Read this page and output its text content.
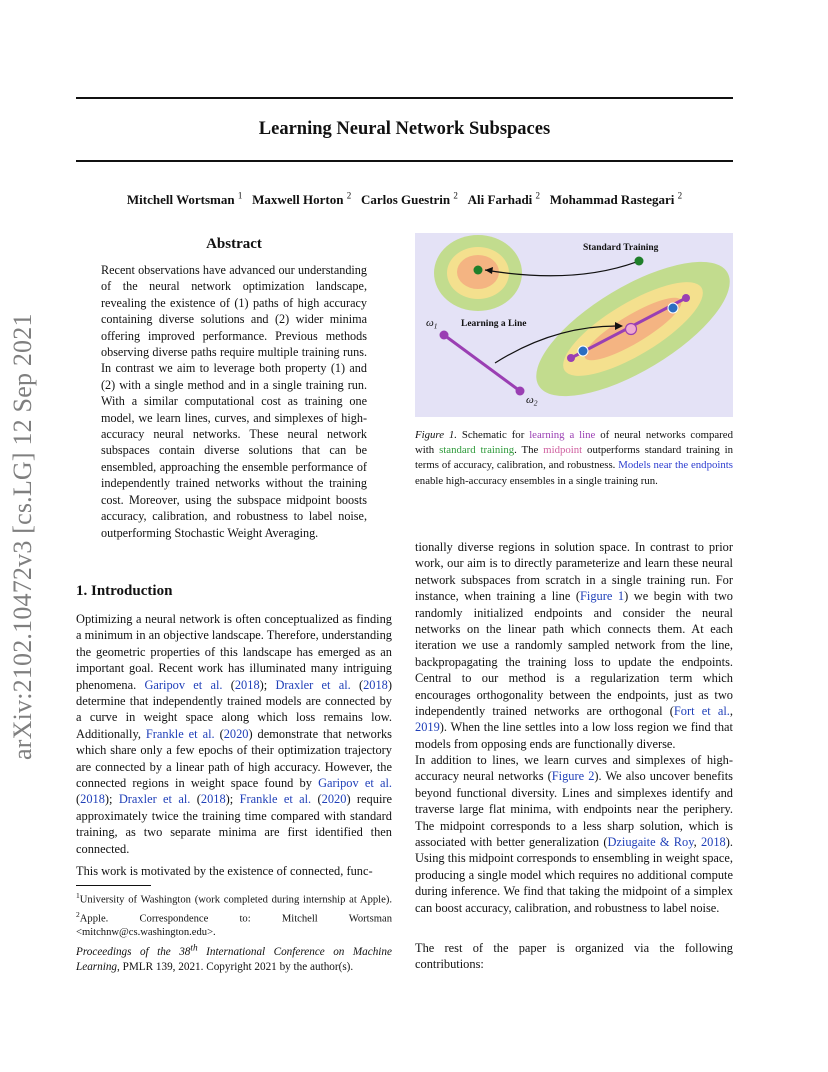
Learning Neural Network Subspaces
Mitchell Wortsman $^1$ Maxwell Horton $^2$ Carlos Guestrin $^2$ Ali Farhadi $^2$ Mohammad Rastegari $^2$
arXiv:2102.10472v3 [cs.LG] 12 Sep 2021
Abstract
Recent observations have advanced our understanding of the neural network optimization landscape, revealing the existence of (1) paths of high accuracy containing diverse solutions and (2) wider minima offering improved performance. Previous methods observing diverse paths require multiple training runs. In contrast we aim to leverage both property (1) and (2) with a single method and in a single training run. With a similar computational cost as training one model, we learn lines, curves, and simplexes of high-accuracy neural networks. These neural network subspaces contain diverse solutions that can be ensembled, approaching the ensemble performance of independently trained networks without the training cost. Moreover, using the subspace midpoint boosts accuracy, calibration, and robustness to label noise, outperforming Stochastic Weight Averaging.
1. Introduction
Optimizing a neural network is often conceptualized as finding a minimum in an objective landscape. Therefore, understanding the geometric properties of this landscape has emerged as an important goal. Recent work has illuminated many intriguing phenomena. Garipov et al. (2018); Draxler et al. (2018) determine that independently trained models are connected by a curve in weight space along which loss remains low. Additionally, Frankle et al. (2020) demonstrate that networks which share only a few epochs of their optimization trajectory are connected by a linear path of high accuracy. However, the connected regions in weight space found by Garipov et al. (2018); Draxler et al. (2018); Frankle et al. (2020) require approximately twice the training time compared with standard training, as two separate minima are first identified then connected.
This work is motivated by the existence of connected, func-
$^1$University of Washington (work completed during internship at Apple). $^2$Apple. Correspondence to: Mitchell Wortsman <mitchnw@cs.washington.edu>.
Proceedings of the 38th International Conference on Machine Learning, PMLR 139, 2021. Copyright 2021 by the author(s).
Standard Training
Learning a Line
$\omega_1$
$\omega_2$
Figure 1. Schematic for learning a line of neural networks compared with standard training. The midpoint outperforms standard training in terms of accuracy, calibration, and robustness. Models near the endpoints enable high-accuracy ensembles in a single training run.
tionally diverse regions in solution space. In contrast to prior work, our aim is to directly parameterize and learn these neural network subspaces from scratch in a single training run. For instance, when training a line (Figure 1) we begin with two randomly initialized endpoints and consider the neural networks on the linear path which connects them. At each iteration we use a randomly sampled network from the line, backpropagating the training loss to update the endpoints. Central to our method is a regularization term which encourages orthogonality between the endpoints, just as two independently trained networks are orthogonal (Fort et al., 2019). When the line settles into a low loss region we find that models from opposing ends are functionally diverse.
In addition to lines, we learn curves and simplexes of high-accuracy neural networks (Figure 2). We also uncover benefits beyond functional diversity. Lines and simplexes identify and traverse large flat minima, with endpoints near the periphery. The midpoint corresponds to a less sharp solution, which is associated with better generalization (Dziugaite & Roy, 2018). Using this midpoint corresponds to ensembling in weight space, producing a single model which requires no additional compute during inference. We find that taking the midpoint of a simplex can boost accuracy, calibration, and robustness to label noise.
The rest of the paper is organized via the following contributions:
